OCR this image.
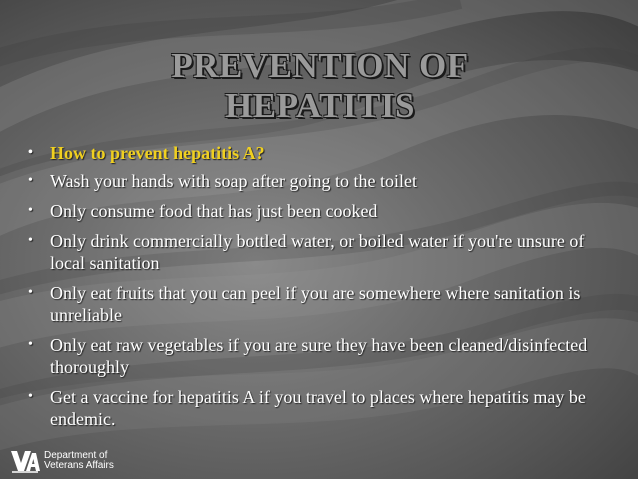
PREVENTION OF
HEPATITIS
• How to prevent hepatitis A?
• Wash your hands with soap after going to the toilet
• Only consume food that has just been cooked
• Only drink commercially bottled water, or boiled water if you're unsure of local sanitation
• Only eat fruits that you can peel if you are somewhere where sanitation is unreliable
• Only eat raw vegetables if you are sure they have been cleaned/disinfected thoroughly
• Get a vaccine for hepatitis A if you travel to places where hepatitis may be endemic.
Department of
Veterans Affairs
